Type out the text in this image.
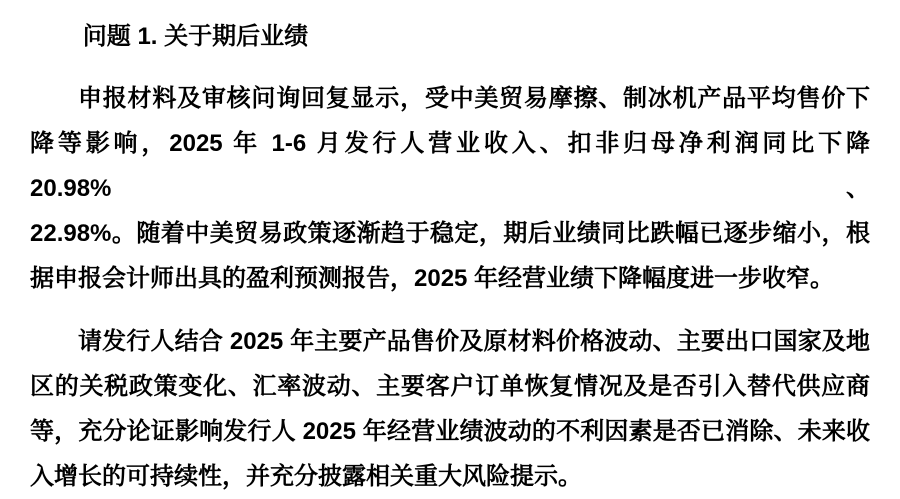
问题 1. 关于期后业绩
申报材料及审核问询回复显示，受中美贸易摩擦、制冰机产品平均售价下
降等影响，2025 年 1-6 月发行人营业收入、扣非归母净利润同比下降 20.98%、
22.98%。随着中美贸易政策逐渐趋于稳定，期后业绩同比跌幅已逐步缩小，根
据申报会计师出具的盈利预测报告，2025 年经营业绩下降幅度进一步收窄。
请发行人结合 2025 年主要产品售价及原材料价格波动、主要出口国家及地
区的关税政策变化、汇率波动、主要客户订单恢复情况及是否引入替代供应商
等，充分论证影响发行人 2025 年经营业绩波动的不利因素是否已消除、未来收
入增长的可持续性，并充分披露相关重大风险提示。
